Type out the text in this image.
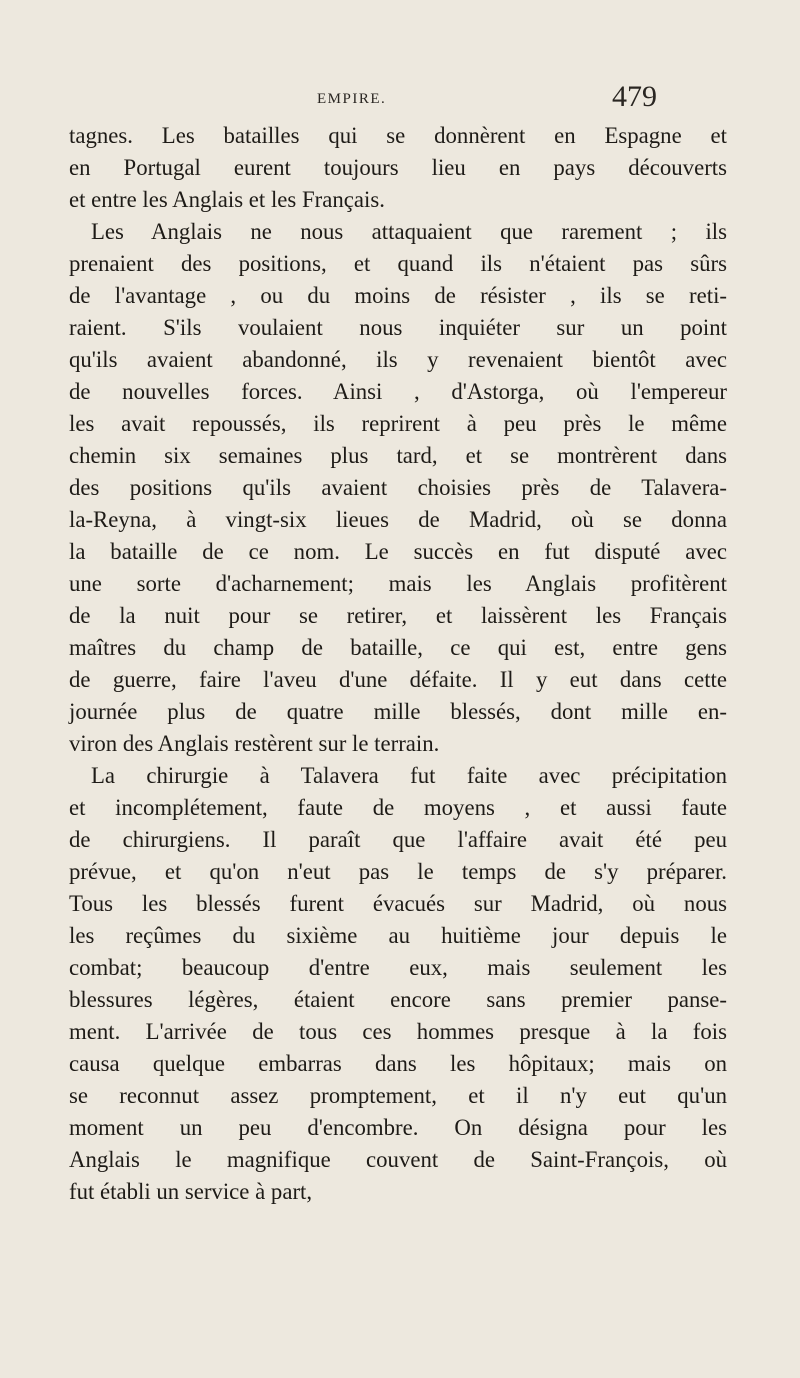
EMPIRE.	479
tagnes. Les batailles qui se donnèrent en Espagne et
en Portugal eurent toujours lieu en pays découverts
et entre les Anglais et les Français.
Les Anglais ne nous attaquaient que rarement ; ils
prenaient des positions, et quand ils n'étaient pas sûrs
de l'avantage , ou du moins de résister , ils se reti-
raient. S'ils voulaient nous inquiéter sur un point
qu'ils avaient abandonné, ils y revenaient bientôt avec
de nouvelles forces. Ainsi , d'Astorga, où l'empereur
les avait repoussés, ils reprirent à peu près le même
chemin six semaines plus tard, et se montrèrent dans
des positions qu'ils avaient choisies près de Talavera-
la-Reyna, à vingt-six lieues de Madrid, où se donna
la bataille de ce nom. Le succès en fut disputé avec
une sorte d'acharnement; mais les Anglais profitèrent
de la nuit pour se retirer, et laissèrent les Français
maîtres du champ de bataille, ce qui est, entre gens
de guerre, faire l'aveu d'une défaite. Il y eut dans cette
journée plus de quatre mille blessés, dont mille en-
viron des Anglais restèrent sur le terrain.
La chirurgie à Talavera fut faite avec précipitation
et incomplétement, faute de moyens , et aussi faute
de chirurgiens. Il paraît que l'affaire avait été peu
prévue, et qu'on n'eut pas le temps de s'y préparer.
Tous les blessés furent évacués sur Madrid, où nous
les reçûmes du sixième au huitième jour depuis le
combat; beaucoup d'entre eux, mais seulement les
blessures légères, étaient encore sans premier panse-
ment. L'arrivée de tous ces hommes presque à la fois
causa quelque embarras dans les hôpitaux; mais on
se reconnut assez promptement, et il n'y eut qu'un
moment un peu d'encombre. On désigna pour les
Anglais le magnifique couvent de Saint-François, où
fut établi un service à part,
